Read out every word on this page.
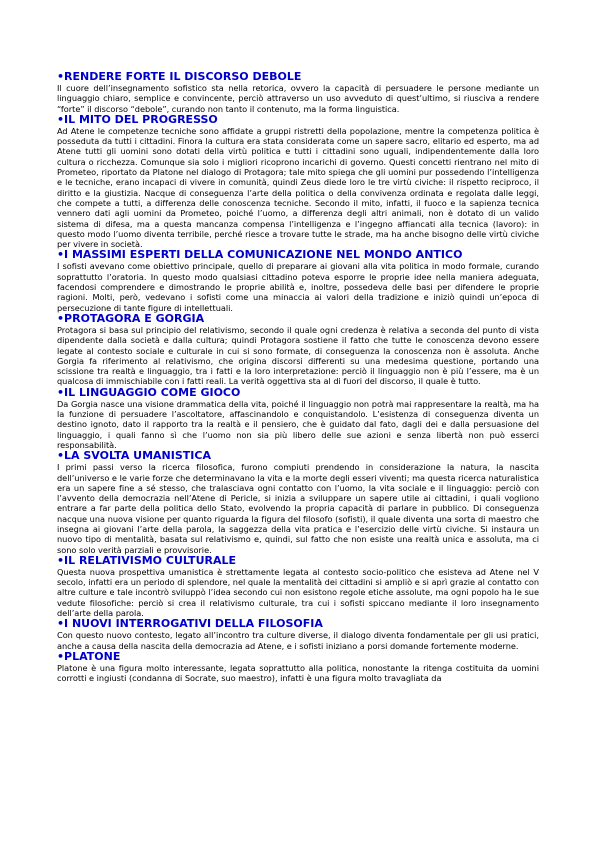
•RENDERE FORTE IL DISCORSO DEBOLE

Il cuore dell’insegnamento sofistico sta nella retorica, ovvero la capacità di persuadere le persone mediante un linguaggio chiaro, semplice e convincente, perciò attraverso un uso avveduto di quest’ultimo, si riusciva a rendere “forte” il discorso “debole”, curando non tanto il contenuto, ma la forma linguistica.

•IL MITO DEL PROGRESSO

Ad Atene le competenze tecniche sono affidate a gruppi ristretti della popolazione, mentre la competenza politica è posseduta da tutti i cittadini. Finora la cultura era stata considerata come un sapere sacro, elitario ed esperto, ma ad Atene tutti gli uomini sono dotati della virtù politica e tutti i cittadini sono uguali, indipendentemente dalla loro cultura o ricchezza. Comunque sia solo i migliori ricoprono incarichi di governo. Questi concetti rientrano nel mito di Prometeo, riportato da Platone nel dialogo di Protagora; tale mito spiega che gli uomini pur possedendo l’intelligenza e le tecniche, erano incapaci di vivere in comunità, quindi Zeus diede loro le tre virtù civiche: il rispetto reciproco, il diritto e la giustizia. Nacque di conseguenza l’arte della politica o della convivenza ordinata e regolata dalle leggi, che compete a tutti, a differenza delle conoscenza tecniche. Secondo il mito, infatti, il fuoco e la sapienza tecnica vennero dati agli uomini da Prometeo, poiché l’uomo, a differenza degli altri animali, non è dotato di un valido sistema di difesa, ma a questa mancanza compensa l’intelligenza e l’ingegno affiancati alla tecnica (lavoro): in questo modo l’uomo diventa terribile, perché riesce a trovare tutte le strade, ma ha anche bisogno delle virtù civiche per vivere in società.

•I MASSIMI ESPERTI DELLA COMUNICAZIONE NEL MONDO ANTICO

I sofisti avevano come obiettivo principale, quello di preparare ai giovani alla vita politica in modo formale, curando soprattutto l’oratoria. In questo modo qualsiasi cittadino poteva esporre le proprie idee nella maniera adeguata, facendosi comprendere e dimostrando le proprie abilità e, inoltre, possedeva delle basi per difendere le proprie ragioni. Molti, però, vedevano i sofisti come una minaccia ai valori della tradizione e iniziò quindi un’epoca di persecuzione di tante figure di intellettuali.

•PROTAGORA E GORGIA

Protagora si basa sul principio del relativismo, secondo il quale ogni credenza è relativa a seconda del punto di vista dipendente dalla società e dalla cultura; quindi Protagora sostiene il fatto che tutte le conoscenza devono essere legate al contesto sociale e culturale in cui si sono formate, di conseguenza la conoscenza non è assoluta. Anche Gorgia fa riferimento al relativismo, che origina discorsi differenti su una medesima questione, portando una scissione tra realtà e linguaggio, tra i fatti e la loro interpretazione: perciò il linguaggio non è più l’essere, ma è un qualcosa di immischiabile con i fatti reali. La verità oggettiva sta al di fuori del discorso, il quale è tutto.

•IL LINGUAGGIO COME GIOCO

Da Gorgia nasce una visione drammatica della vita, poiché il linguaggio non potrà mai rappresentare la realtà, ma ha la funzione di persuadere l’ascoltatore, affascinandolo e conquistandolo. L’esistenza di conseguenza diventa un destino ignoto, dato il rapporto tra la realtà e il pensiero, che è guidato dal fato, dagli dei e dalla persuasione del linguaggio, i quali fanno sì che l’uomo non sia più libero delle sue azioni e senza libertà non può esserci responsabilità.

•LA SVOLTA UMANISTICA

I primi passi verso la ricerca filosofica, furono compiuti prendendo in considerazione la natura, la nascita dell’universo e le varie forze che determinavano la vita e la morte degli esseri viventi; ma questa ricerca naturalistica era un sapere fine a sé stesso, che tralasciava ogni contatto con l’uomo, la vita sociale e il linguaggio: perciò con l’avvento della democrazia nell’Atene di Pericle, si inizia a sviluppare un sapere utile ai cittadini, i quali vogliono entrare a far parte della politica dello Stato, evolvendo la propria capacità di parlare in pubblico. Di conseguenza nacque una nuova visione per quanto riguarda la figura del filosofo (sofisti), il quale diventa una sorta di maestro che insegna ai giovani l’arte della parola, la saggezza della vita pratica e l’esercizio delle virtù civiche. Si instaura un nuovo tipo di mentalità, basata sul relativismo e, quindi, sul fatto che non esiste una realtà unica e assoluta, ma ci sono solo verità parziali e provvisorie.

•IL RELATIVISMO CULTURALE

Questa nuova prospettiva umanistica è strettamente legata al contesto socio-politico che esisteva ad Atene nel V secolo, infatti era un periodo di splendore, nel quale la mentalità dei cittadini si ampliò e si aprì grazie al contatto con altre culture e tale incontrò sviluppò l’idea secondo cui non esistono regole etiche assolute, ma ogni popolo ha le sue vedute filosofiche: perciò si crea il relativismo culturale, tra cui i sofisti spiccano mediante il loro insegnamento dell’arte della parola.

•I NUOVI INTERROGATIVI DELLA FILOSOFIA

Con questo nuovo contesto, legato all’incontro tra culture diverse, il dialogo diventa fondamentale per gli usi pratici, anche a causa della nascita della democrazia ad Atene, e i sofisti iniziano a porsi domande fortemente moderne.

•PLATONE

Platone è una figura molto interessante, legata soprattutto alla politica, nonostante la ritenga costituita da uomini corrotti e ingiusti (condanna di Socrate, suo maestro), infatti è una figura molto travagliata da
